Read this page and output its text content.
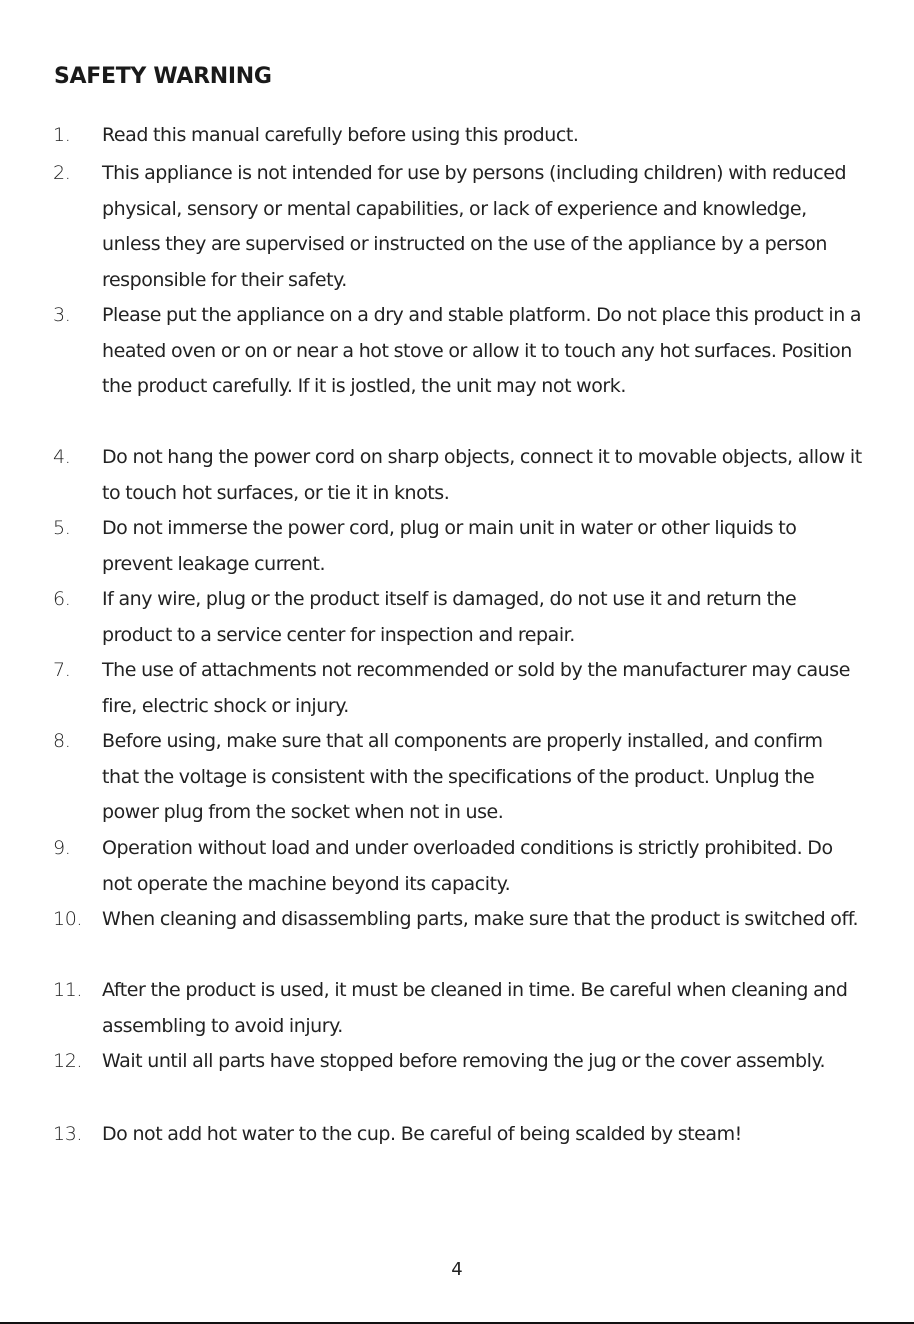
SAFETY WARNING
1. Read this manual carefully before using this product.
2. This appliance is not intended for use by persons (including children) with reduced physical, sensory or mental capabilities, or lack of experience and knowledge, unless they are supervised or instructed on the use of the appliance by a person responsible for their safety.
3. Please put the appliance on a dry and stable platform. Do not place this product in a heated oven or on or near a hot stove or allow it to touch any hot surfaces. Position the product carefully. If it is jostled, the unit may not work.
4. Do not hang the power cord on sharp objects, connect it to movable objects, allow it to touch hot surfaces, or tie it in knots.
5. Do not immerse the power cord, plug or main unit in water or other liquids to prevent leakage current.
6. If any wire, plug or the product itself is damaged, do not use it and return the product to a service center for inspection and repair.
7. The use of attachments not recommended or sold by the manufacturer may cause fire, electric shock or injury.
8. Before using, make sure that all components are properly installed, and confirm that the voltage is consistent with the specifications of the product. Unplug the power plug from the socket when not in use.
9. Operation without load and under overloaded conditions is strictly prohibited. Do not operate the machine beyond its capacity.
10. When cleaning and disassembling parts, make sure that the product is switched off.
11. After the product is used, it must be cleaned in time. Be careful when cleaning and assembling to avoid injury.
12. Wait until all parts have stopped before removing the jug or the cover assembly.
13. Do not add hot water to the cup. Be careful of being scalded by steam!
4
